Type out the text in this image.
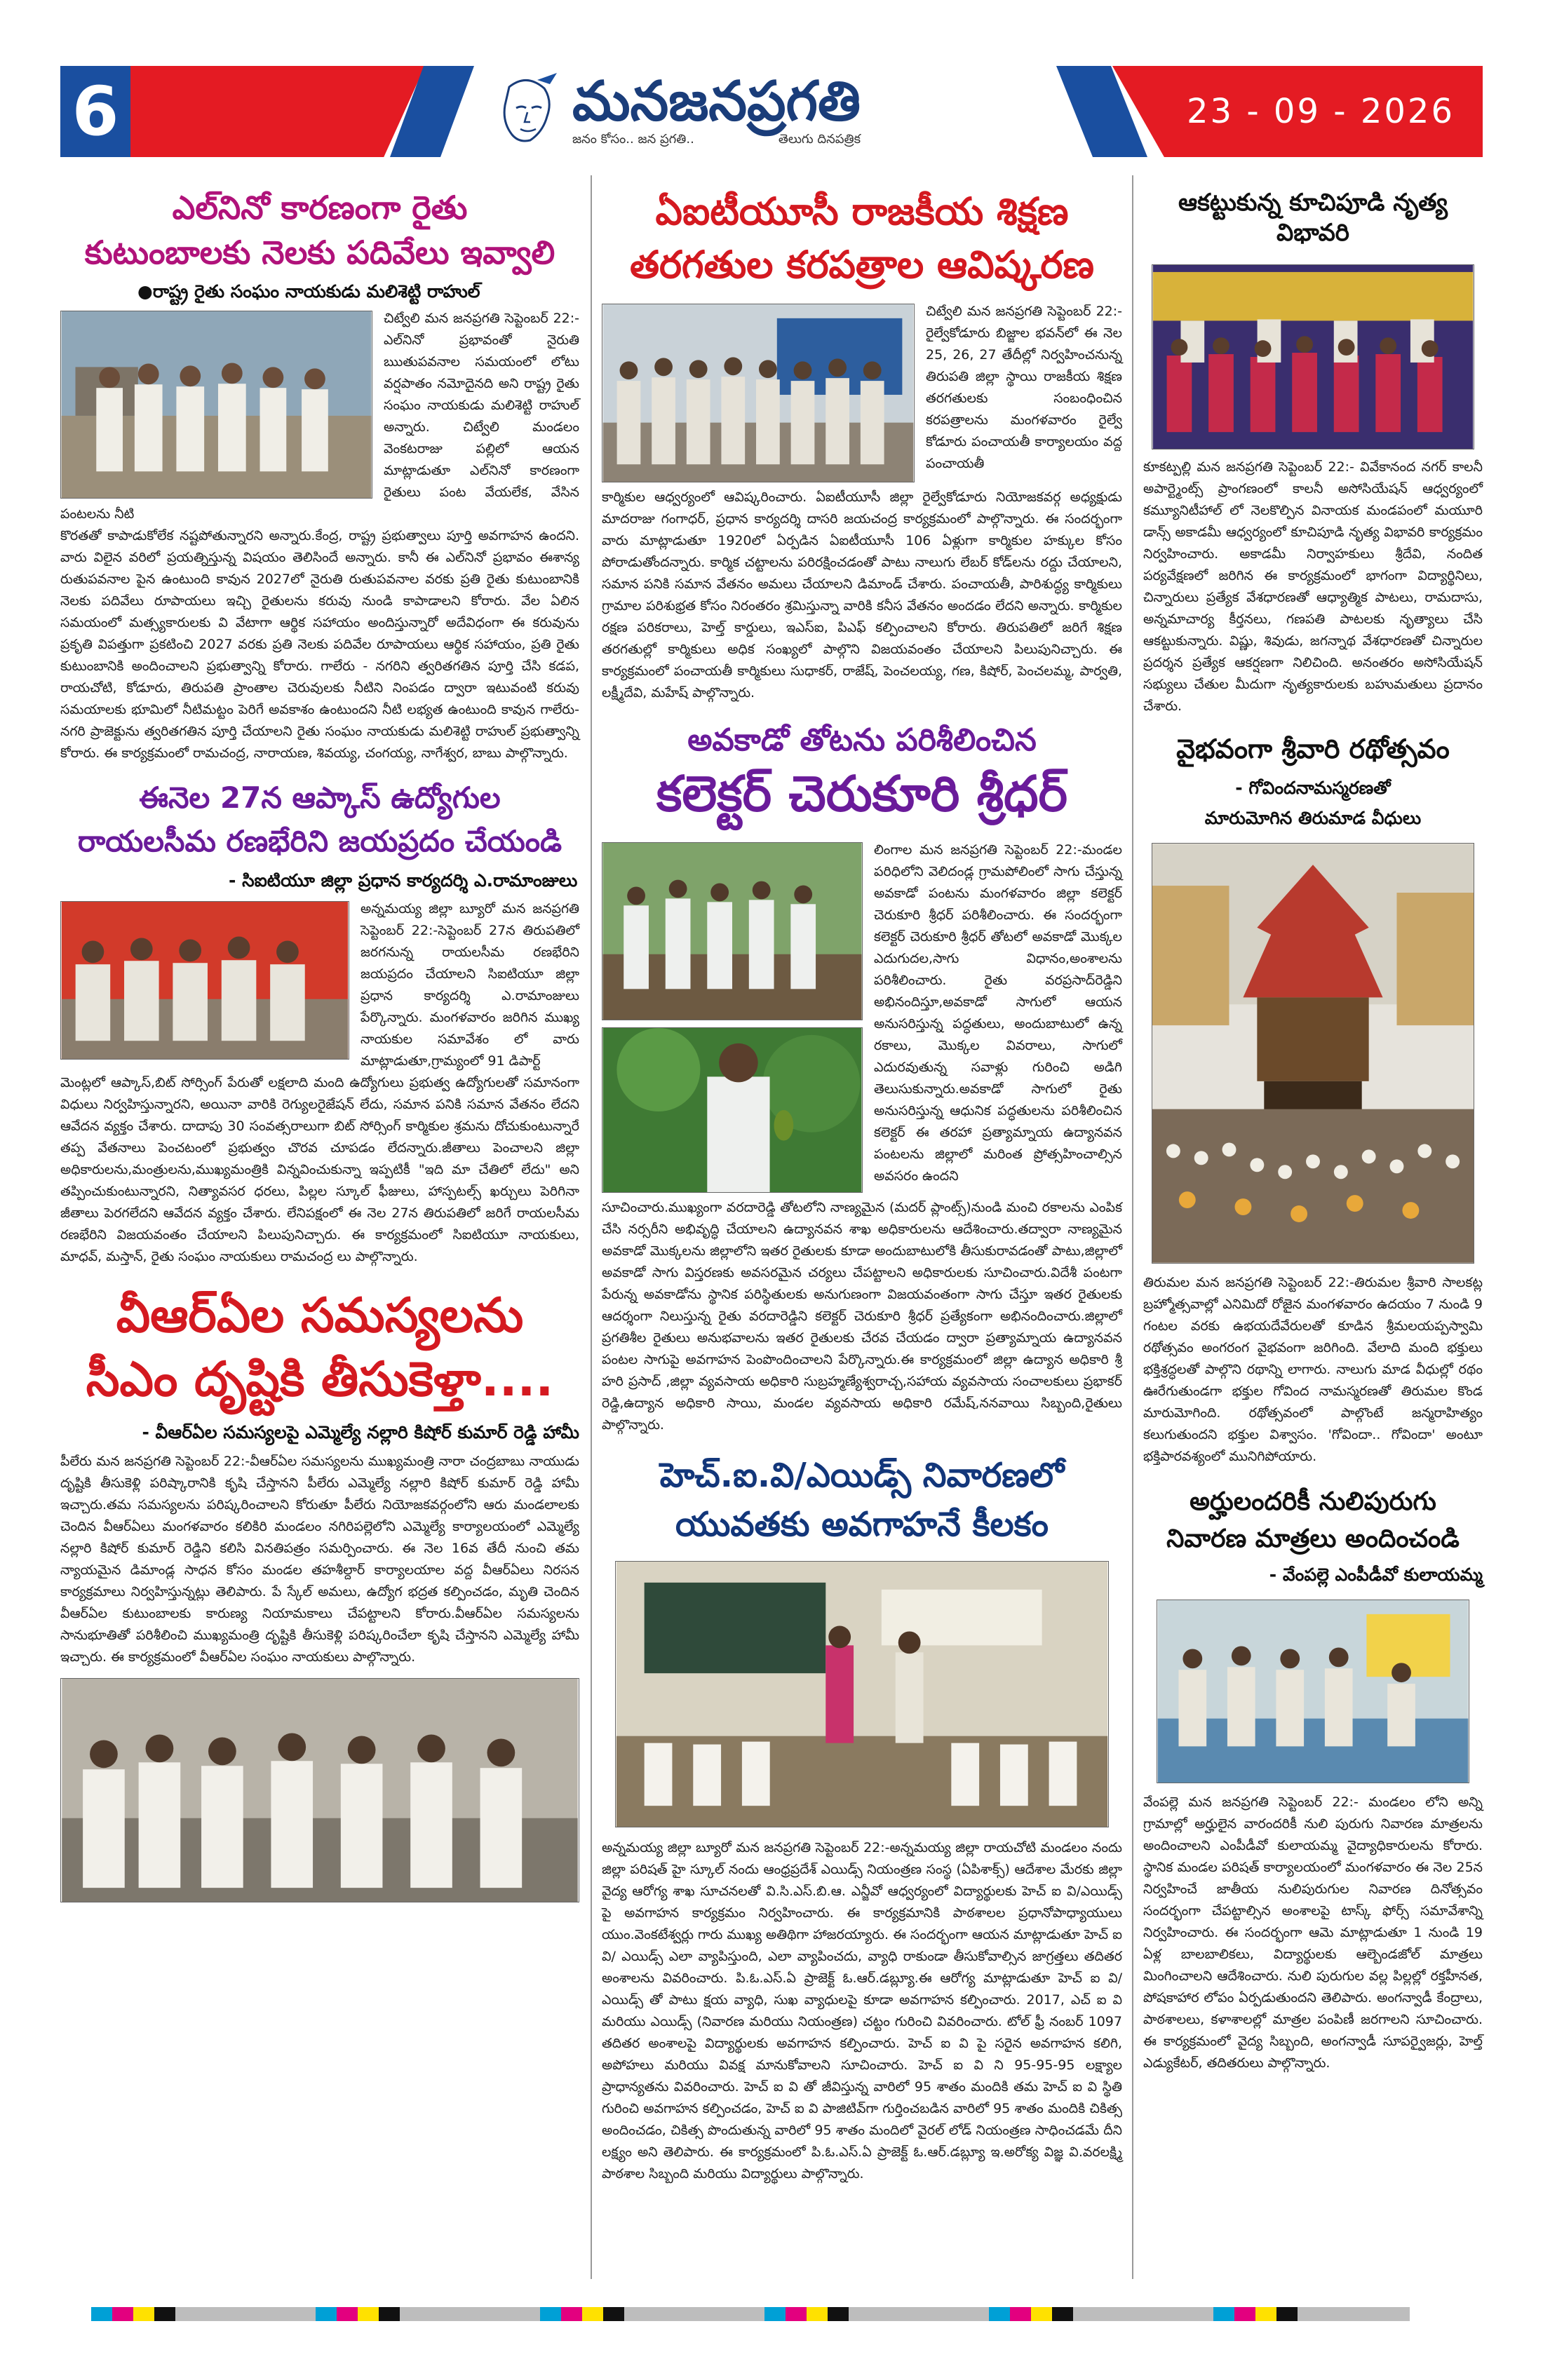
6	మనజనప్రగతి
జనం కోసం.. జన ప్రగతి..	తెలుగు దినపత్రిక
23 - 09 - 2026
ఎల్‌నినో కారణంగా రైతు
కుటుంబాలకు నెలకు పదివేలు ఇవ్వాలి
●రాష్ట్ర రైతు సంఘం నాయకుడు మలిశెట్టి రాహుల్

చిట్వేలి మన జనప్రగతి సెప్టెంబర్ 22:-ఎల్‌నినో ప్రభావంతో నైరుతి ఋతుపవనాల సమయంలో లోటు వర్షపాతం నమోదైనది అని రాష్ట్ర రైతు సంఘం నాయకుడు మలిశెట్టి రాహుల్ అన్నారు. చిట్వేలి మండలం వెంకటరాజు పల్లిలో ఆయన మాట్లాడుతూ ఎల్‌నినో కారణంగా రైతులు పంట వేయలేక, వేసిన పంటలను నీటి

కొరతతో కాపాడుకోలేక నష్టపోతున్నారని అన్నారు.కేంద్ర, రాష్ట్ర ప్రభుత్వాలు పూర్తి అవగాహన ఉందని. వారు విలైన వరిలో ప్రయత్నిస్తున్న విషయం తెలిసిందే అన్నారు. కానీ ఈ ఎల్‌నినో ప్రభావం ఈశాన్య రుతుపవనాల పైన ఉంటుంది కావున 2027లో నైరుతి రుతుపవనాల వరకు ప్రతి రైతు కుటుంబానికి నెలకు పదివేలు రూపాయలు ఇచ్చి రైతులను కరువు నుండి కాపాడాలని కోరారు. వేల ఏలిన సమయంలో మత్స్యకారులకు వి వేటాగా ఆర్థిక సహాయం అందిస్తున్నారో అదేవిధంగా ఈ కరువును ప్రకృతి విపత్తుగా ప్రకటించి 2027 వరకు ప్రతి నెలకు పదివేల రూపాయలు ఆర్థిక సహాయం, ప్రతి రైతు కుటుంబానికి అందించాలని ప్రభుత్వాన్ని కోరారు. గాలేరు - నగరిని త్వరితగతిన పూర్తి చేసి కడప, రాయచోటి, కోడూరు, తిరుపతి ప్రాంతాల చెరువులకు నీటిని నింపడం ద్వారా ఇటువంటి కరువు సమయాలకు భూమిలో నీటిమట్టం పెరిగే అవకాశం ఉంటుందని నీటి లభ్యత ఉంటుంది కావున గాలేరు- నగరి ప్రాజెక్టును త్వరితగతిన పూర్తి చేయాలని రైతు సంఘం నాయకుడు మలిశెట్టి రాహుల్ ప్రభుత్వాన్ని కోరారు. ఈ కార్యక్రమంలో రామచంద్ర, నారాయణ, శివయ్య, చంగయ్య, నాగేశ్వర, బాబు పాల్గొన్నారు.

ఈనెల 27న ఆప్కాస్ ఉద్యోగుల
రాయలసీమ రణభేరిని జయప్రదం చేయండి
- సిఐటియూ జిల్లా ప్రధాన కార్యదర్శి ఎ.రామాంజులు

అన్నమయ్య జిల్లా బ్యూరో మన జనప్రగతి సెప్టెంబర్ 22:-సెప్టెంబర్ 27న తిరుపతిలో జరగనున్న రాయలసీమ రణభేరిని జయప్రదం చేయాలని సిఐటియూ జిల్లా ప్రధాన కార్యదర్శి ఎ.రామాంజులు పేర్కొన్నారు. మంగళవారం జరిగిన ముఖ్య నాయకుల సమావేశం లో వారు మాట్లాడుతూ,గ్రామ్యంలో 91 డిపార్ట్

మెంట్లలో ఆప్కాస్,బిట్ సోర్సింగ్ పేరుతో లక్షలాది మంది ఉద్యోగులు ప్రభుత్వ ఉద్యోగులతో సమానంగా విధులు నిర్వహిస్తున్నారని, అయినా వారికి రెగ్యులరైజేషన్ లేదు, సమాన పనికి సమాన వేతనం లేదని ఆవేదన వ్యక్తం చేశారు. దాదాపు 30 సంవత్సరాలుగా బిట్ సోర్సింగ్ కార్మికుల శ్రమను దోచుకుంటున్నారే తప్ప వేతనాలు పెంచటంలో ప్రభుత్వం చొరవ చూపడం లేదన్నారు.జీతాలు పెంచాలని జిల్లా అధికారులను,మంత్రులను,ముఖ్యమంత్రికి విన్నవించుకున్నా ఇప్పటికీ "ఇది మా చేతిలో లేదు" అని తప్పించుకుంటున్నారని, నిత్యావసర ధరలు, పిల్లల స్కూల్ ఫీజులు, హాస్పటల్స్ ఖర్చులు పెరిగినా జీతాలు పెరగలేదని ఆవేదన వ్యక్తం చేశారు. లేనిపక్షంలో ఈ నెల 27న తిరుపతిలో జరిగే రాయలసీమ రణభేరిని విజయవంతం చేయాలని పిలుపునిచ్చారు. ఈ కార్యక్రమంలో సిఐటియూ నాయకులు, మాధవ్, మస్తాన్, రైతు సంఘం నాయకులు రామచంద్ర లు పాల్గొన్నారు.

వీఆర్ఏల సమస్యలను
సీఎం దృష్టికి తీసుకెళ్తా....
- వీఆర్ఏల సమస్యలపై ఎమ్మెల్యే నల్లారి కిషోర్ కుమార్ రెడ్డి హామీ
పీలేరు మన జనప్రగతి సెప్టెంబర్ 22:-వీఆర్ఏల సమస్యలను ముఖ్యమంత్రి నారా చంద్రబాబు నాయుడు దృష్టికి తీసుకెళ్లి పరిష్కారానికి కృషి చేస్తానని పీలేరు ఎమ్మెల్యే నల్లారి కిషోర్ కుమార్ రెడ్డి హామీ ఇచ్చారు.తమ సమస్యలను పరిష్కరించాలని కోరుతూ పీలేరు నియోజకవర్గంలోని ఆరు మండలాలకు చెందిన వీఆర్ఏలు మంగళవారం కలికిరి మండలం నగిరిపల్లెలోని ఎమ్మెల్యే కార్యాలయంలో ఎమ్మెల్యే నల్లారి కిషోర్ కుమార్ రెడ్డిని కలిసి వినతిపత్రం సమర్పించారు. ఈ నెల 16వ తేదీ నుంచి తమ న్యాయమైన డిమాండ్ల సాధన కోసం మండల తహశీల్దార్ కార్యాలయాల వద్ద వీఆర్ఏలు నిరసన కార్యక్రమాలు నిర్వహిస్తున్నట్లు తెలిపారు. పే స్కేల్ అమలు, ఉద్యోగ భద్రత కల్పించడం, మృతి చెందిన వీఆర్ఏల కుటుంబాలకు కారుణ్య నియామకాలు చేపట్టాలని కోరారు.వీఆర్ఏల సమస్యలను సానుభూతితో పరిశీలించి ముఖ్యమంత్రి దృష్టికి తీసుకెళ్లి పరిష్కరించేలా కృషి చేస్తానని ఎమ్మెల్యే హామీ ఇచ్చారు. ఈ కార్యక్రమంలో వీఆర్ఏల సంఘం నాయకులు పాల్గొన్నారు.
ఏఐటీయూసీ రాజకీయ శిక్షణ
తరగతుల కరపత్రాల ఆవిష్కరణ

చిట్వేలి మన జనప్రగతి సెప్టెంబర్ 22:-రైల్వేకోడూరు బిజ్జాల భవన్‌లో ఈ నెల 25, 26, 27 తేదీల్లో నిర్వహించనున్న తిరుపతి జిల్లా స్థాయి రాజకీయ శిక్షణ తరగతులకు సంబంధించిన కరపత్రాలను మంగళవారం రైల్వే కోడూరు పంచాయతీ కార్యాలయం వద్ద పంచాయతీ

కార్మికుల ఆధ్వర్యంలో ఆవిష్కరించారు. ఏఐటీయూసీ జిల్లా రైల్వేకోడూరు నియోజకవర్గ అధ్యక్షుడు మాదరాజు గంగాధర్, ప్రధాన కార్యదర్శి దాసరి జయచంద్ర కార్యక్రమంలో పాల్గొన్నారు. ఈ సందర్భంగా వారు మాట్లాడుతూ 1920లో ఏర్పడిన ఏఐటీయూసీ 106 ఏళ్లుగా కార్మికుల హక్కుల కోసం పోరాడుతోందన్నారు. కార్మిక చట్టాలను పరిరక్షించడంతో పాటు నాలుగు లేబర్ కోడ్‌లను రద్దు చేయాలని, సమాన పనికి సమాన వేతనం అమలు చేయాలని డిమాండ్ చేశారు. పంచాయతీ, పారిశుద్ధ్య కార్మికులు గ్రామాల పరిశుభ్రత కోసం నిరంతరం శ్రమిస్తున్నా వారికి కనీస వేతనం అందడం లేదని అన్నారు. కార్మికుల రక్షణ పరికరాలు, హెల్త్ కార్డులు, ఇఎస్ఐ, పిఎఫ్ కల్పించాలని కోరారు. తిరుపతిలో జరిగే శిక్షణ తరగతుల్లో కార్మికులు అధిక సంఖ్యలో పాల్గొని విజయవంతం చేయాలని పిలుపునిచ్చారు. ఈ కార్యక్రమంలో పంచాయతీ కార్మికులు సుధాకర్, రాజేష్, పెంచలయ్య, గణ, కిషోర్, పెంచలమ్మ, పార్వతి, లక్ష్మీదేవి, మహేష్ పాల్గొన్నారు.

అవకాడో తోటను పరిశీలించిన
కలెక్టర్ చెరుకూరి శ్రీధర్

లింగాల మన జనప్రగతి సెప్టెంబర్ 22:-మండల పరిధిలోని వెలిదండ్ల గ్రామపోలింలో సాగు చేస్తున్న అవకాడో పంటను మంగళవారం జిల్లా కలెక్టర్ చెరుకూరి శ్రీధర్ పరిశీలించారు. ఈ సందర్భంగా కలెక్టర్ చెరుకూరి శ్రీధర్ తోటలో అవకాడో మొక్కల ఎదుగుదల,సాగు విధానం,అంశాలను పరిశీలించారు. రైతు వరప్రసాద్‌రెడ్డిని అభినందిస్తూ,అవకాడో సాగులో ఆయన అనుసరిస్తున్న పద్ధతులు, అందుబాటులో ఉన్న రకాలు, మొక్కల వివరాలు, సాగులో ఎదురవుతున్న సవాళ్లు గురించి అడిగి తెలుసుకున్నారు.అవకాడో సాగులో రైతు అనుసరిస్తున్న ఆధునిక పద్ధతులను పరిశీలించిన కలెక్టర్ ఈ తరహా ప్రత్యామ్నాయ ఉద్యానవన పంటలను జిల్లాలో మరింత ప్రోత్సహించాల్సిన అవసరం ఉందని

సూచించారు.ముఖ్యంగా వరదారెడ్డి తోటలోని నాణ్యమైన (మదర్ ప్లాంట్స్)నుండి మంచి రకాలను ఎంపిక చేసి నర్సరీని అభివృద్ధి చేయాలని ఉద్యానవన శాఖ అధికారులను ఆదేశించారు.తద్వారా నాణ్యమైన అవకాడో మొక్కలను జిల్లాలోని ఇతర రైతులకు కూడా అందుబాటులోకి తీసుకురావడంతో పాటు,జిల్లాలో అవకాడో సాగు విస్తరణకు అవసరమైన చర్యలు చేపట్టాలని అధికారులకు సూచించారు.విదేశీ పంటగా పేరున్న అవకాడోను స్థానిక పరిస్థితులకు అనుగుణంగా విజయవంతంగా సాగు చేస్తూ ఇతర రైతులకు ఆదర్శంగా నిలుస్తున్న రైతు వరదారెడ్డిని కలెక్టర్ చెరుకూరి శ్రీధర్ ప్రత్యేకంగా అభినందించారు.జిల్లాలో ప్రగతిశీల రైతులు అనుభవాలను ఇతర రైతులకు చేరవ చేయడం ద్వారా ప్రత్యామ్నాయ ఉద్యానవన పంటల సాగుపై అవగాహన పెంపొందించాలని పేర్కొన్నారు.ఈ కార్యక్రమంలో జిల్లా ఉద్యాన అధికారి శ్రీ హరి ప్రసాద్ ,జిల్లా వ్యవసాయ అధికారి సుబ్రహ్మణ్యేశ్వరాచ్చ,సహాయ వ్యవసాయ సంచాలకులు ప్రభాకర్ రెడ్డి,ఉద్యాన అధికారి సాయి, మండల వ్యవసాయ అధికారి రమేష్,ననవాయి సిబ్బంది,రైతులు పాల్గొన్నారు.

హెచ్.ఐ.వి/ఎయిడ్స్ నివారణలో
యువతకు అవగాహనే కీలకం
అన్నమయ్య జిల్లా బ్యూరో మన జనప్రగతి సెప్టెంబర్ 22:-అన్నమయ్య జిల్లా రాయచోటి మండలం నందు జిల్లా పరిషత్ హై స్కూల్ నందు ఆంధ్రప్రదేశ్ ఎయిడ్స్ నియంత్రణ సంస్థ (ఏపిశాక్స్) ఆదేశాల మేరకు జిల్లా వైద్య ఆరోగ్య శాఖ సూచనలతో వి.సి.ఎస్.బి.ఆ. ఎన్జీవో ఆధ్వర్యంలో విద్యార్థులకు హెచ్ ఐ వి/ఎయిడ్స్ పై అవగాహన కార్యక్రమం నిర్వహించారు. ఈ కార్యక్రమానికి పాఠశాలల ప్రధానోపాధ్యాయులు యుం.వెంకటేశ్వర్లు గారు ముఖ్య అతిథిగా హాజరయ్యారు. ఈ సందర్భంగా ఆయన మాట్లాడుతూ హెచ్ ఐ వి/ ఎయిడ్స్ ఎలా వ్యాపిస్తుంది, ఎలా వ్యాపించదు, వ్యాధి రాకుండా తీసుకోవాల్సిన జాగ్రత్తలు తదితర అంశాలను వివరించారు. పి.ఓ.ఎస్.ఏ ప్రాజెక్ట్ ఓ.ఆర్.డబ్ల్యూ.ఈ ఆరోగ్య మాట్లాడుతూ హెచ్ ఐ వి/ఎయిడ్స్ తో పాటు క్షయ వ్యాధి, సుఖ వ్యాధులపై కూడా అవగాహన కల్పించారు. 2017, ఎచ్ ఐ వి మరియు ఎయిడ్స్ (నివారణ మరియు నియంత్రణ) చట్టం గురించి వివరించారు. టోల్ ఫ్రీ నంబర్ 1097 తదితర అంశాలపై విద్యార్థులకు అవగాహన కల్పించారు. హెచ్ ఐ వి పై సరైన అవగాహన కలిగి, అపోహలు మరియు వివక్ష మానుకోవాలని సూచించారు. హెచ్ ఐ వి ని 95-95-95 లక్ష్యాల ప్రాధాన్యతను వివరించారు. హెచ్ ఐ వి తో జీవిస్తున్న వారిలో 95 శాతం మందికి తమ హెచ్ ఐ వి స్థితి గురించి అవగాహన కల్పించడం, హెచ్ ఐ వి పాజిటివ్‌గా గుర్తించబడిన వారిలో 95 శాతం మందికి చికిత్స అందించడం, చికిత్స పొందుతున్న వారిలో 95 శాతం మందిలో వైరల్ లోడ్ నియంత్రణ సాధించడమే దీని లక్ష్యం అని తెలిపారు. ఈ కార్యక్రమంలో పి.ఓ.ఎస్.ఏ ప్రాజెక్ట్ ఓ.ఆర్.డబ్ల్యూ ఇ.అరోక్య విజ్ఞ వి.వరలక్ష్మి పాఠశాల సిబ్బంది మరియు విద్యార్థులు పాల్గొన్నారు.
ఆకట్టుకున్న కూచిపూడి నృత్య విభావరి
కూకట్పల్లి మన జనప్రగతి సెప్టెంబర్ 22:- వివేకానంద నగర్ కాలనీ అపార్ట్మెంట్స్ ప్రాంగణంలో కాలనీ అసోసియేషన్ ఆధ్వర్యంలో కమ్యూనిటీహాల్ లో నెలకొల్పిన వినాయక మండపంలో మయూరి డాన్స్ అకాడమీ ఆధ్వర్యంలో కూచిపూడి నృత్య విభావరి కార్యక్రమం నిర్వహించారు. అకాడమీ నిర్వాహకులు శ్రీదేవి, నందిత పర్యవేక్షణలో జరిగిన ఈ కార్యక్రమంలో భాగంగా విద్యార్థినిలు, చిన్నారులు ప్రత్యేక వేశధారణతో ఆధ్యాత్మిక పాటలు, రామదాసు, అన్నమాచార్య కీర్తనలు, గణపతి పాటలకు నృత్యాలు చేసి ఆకట్టుకున్నారు. విష్ణు, శివుడు, జగన్నాథ వేశధారణతో చిన్నారుల ప్రదర్శన ప్రత్యేక ఆకర్షణగా నిలిచింది. అనంతరం అసోసియేషన్ సభ్యులు చేతుల మీదుగా నృత్యకారులకు బహుమతులు ప్రదానం చేశారు.
వైభవంగా శ్రీవారి రథోత్సవం
- గోవిందనామస్మరణతో
మారుమోగిన తిరుమాడ వీధులు
తిరుమల మన జనప్రగతి సెప్టెంబర్ 22:-తిరుమల శ్రీవారి సాలకట్ల బ్రహ్మోత్సవాల్లో ఎనిమిదో రోజైన మంగళవారం ఉదయం 7 నుండి 9 గంటల వరకు ఉభయదేవేరులతో కూడిన శ్రీమలయప్పస్వామి రథోత్సవం అంగరంగ వైభవంగా జరిగింది. వేలాది మంది భక్తులు భక్తిశ్రద్ధలతో పాల్గొని రథాన్ని లాగారు. నాలుగు మాడ వీధుల్లో రథం ఊరేగుతుండగా భక్తుల గోవింద నామస్మరణతో తిరుమల కొండ మారుమోగింది. రథోత్సవంలో పాల్గొంటే జన్మరాహిత్యం కలుగుతుందని భక్తుల విశ్వాసం. 'గోవిందా.. గోవిందా' అంటూ భక్తిపారవశ్యంలో మునిగిపోయారు.
అర్హులందరికీ నులిపురుగు
నివారణ మాత్రలు అందించండి
- వేంపల్లె ఎంపీడీవో కులాయమ్మ
వేంపల్లె మన జనప్రగతి సెప్టెంబర్ 22:- మండలం లోని అన్ని గ్రామాల్లో అర్హులైన వారందరికీ నులి పురుగు నివారణ మాత్రలను అందించాలని ఎంపీడీవో కులాయమ్మ వైద్యాధికారులను కోరారు. స్థానిక మండల పరిషత్ కార్యాలయంలో మంగళవారం ఈ నెల 25న నిర్వహించే జాతీయ నులిపురుగుల నివారణ దినోత్సవం సందర్భంగా చేపట్టాల్సిన అంశాలపై టాస్క్ ఫోర్స్ సమావేశాన్ని నిర్వహించారు. ఈ సందర్భంగా ఆమె మాట్లాడుతూ 1 నుండి 19 ఏళ్ల బాలబాలికలు, విద్యార్థులకు ఆల్బెండజోల్ మాత్రలు మింగించాలని ఆదేశించారు. నులి పురుగుల వల్ల పిల్లల్లో రక్తహీనత, పోషకాహార లోపం ఏర్పడుతుందని తెలిపారు. అంగన్వాడీ కేంద్రాలు, పాఠశాలలు, కళాశాలల్లో మాత్రల పంపిణీ జరగాలని సూచించారు. ఈ కార్యక్రమంలో వైద్య సిబ్బంది, అంగన్వాడీ సూపర్వైజర్లు, హెల్త్ ఎడ్యుకేటర్, తదితరులు పాల్గొన్నారు.
